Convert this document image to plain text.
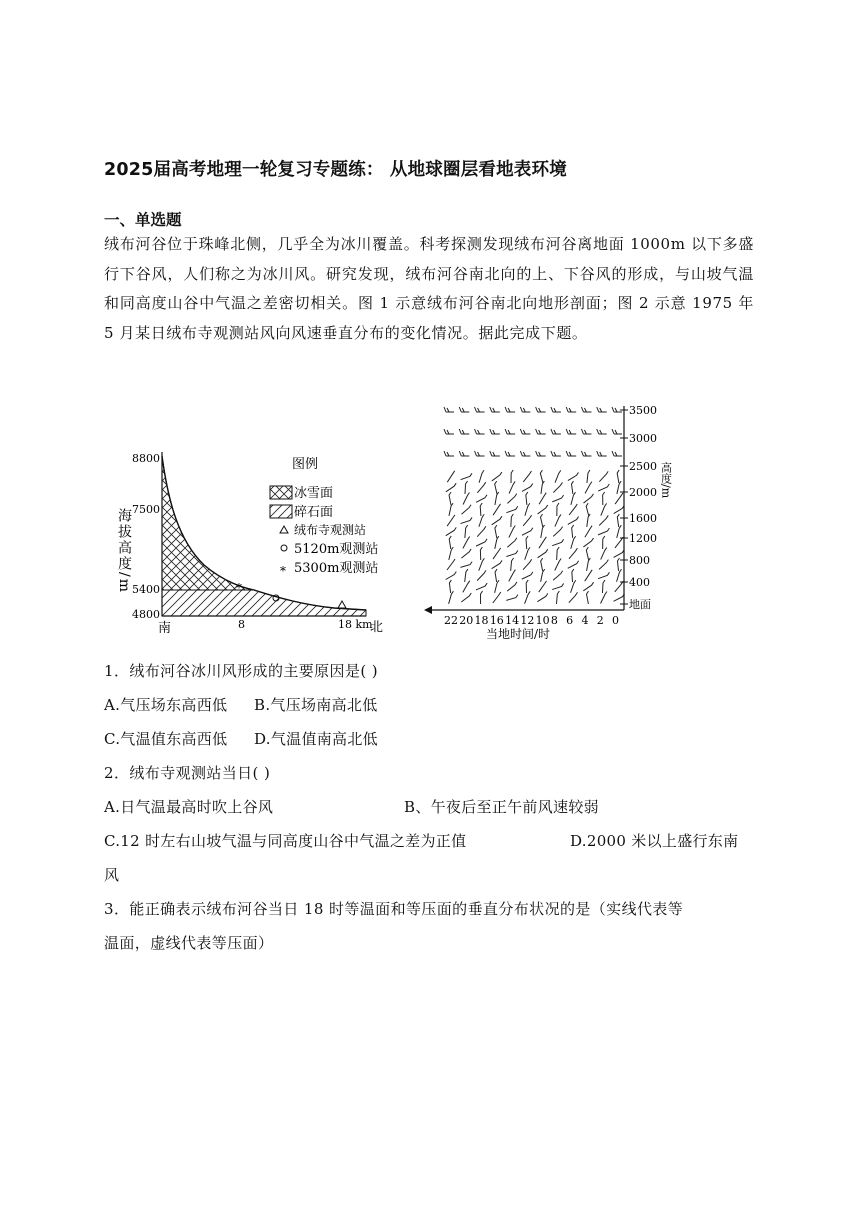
2025届高考地理一轮复习专题练： 从地球圈层看地表环境
一、单选题
绒布河谷位于珠峰北侧，几乎全为冰川覆盖。科考探测发现绒布河谷离地面 1000m 以下多盛行下谷风，人们称之为冰川风。研究发现，绒布河谷南北向的上、下谷风的形成，与山坡气温和同高度山谷中气温之差密切相关。图 1 示意绒布河谷南北向地形剖面；图 2 示意 1975 年 5 月某日绒布寺观测站风向风速垂直分布的变化情况。据此完成下题。
海拔高度/m
8800
7500
5400
4800
*
南	8	18 km
北
图例
冰雪面
碎石面
绒布寺观测站
5120m观测站
* 5300m观测站
3500
3000
2500
2000
1600
1200
800
400
地面
22 20 18 16 14 12 10 8 6 4 2 0
高度/m
当地时间/时
1．绒布河谷冰川风形成的主要原因是( )
A.气压场东高西低 B.气压场南高北低
C.气温值东高西低 D.气温值南高北低
2．绒布寺观测站当日( )
A.日气温最高时吹上谷风	B、午夜后至正午前风速较弱
C.12 时左右山坡气温与同高度山谷中气温之差为正值	D.2000 米以上盛行东南
风
3．能正确表示绒布河谷当日 18 时等温面和等压面的垂直分布状况的是（实线代表等
温面，虚线代表等压面）
